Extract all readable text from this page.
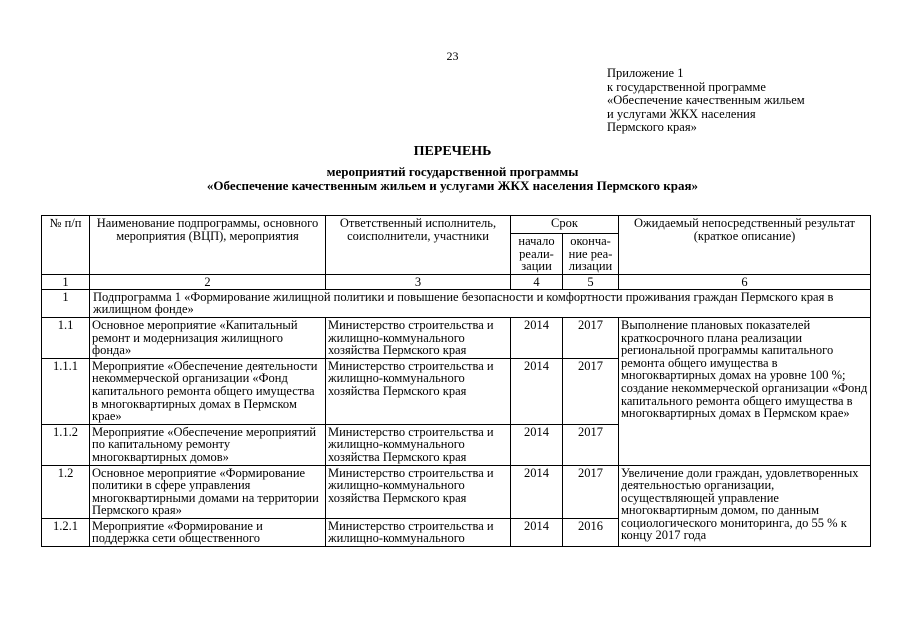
23
Приложение 1
к государственной программе
«Обеспечение качественным жильем
и услугами ЖКХ населения
Пермского края»
ПЕРЕЧЕНЬ
мероприятий государственной программы
«Обеспечение качественным жильем и услугами ЖКХ населения Пермского края»
№ п/п	Наименование подпрограммы, основного мероприятия (ВЦП), мероприятия	Ответственный исполнитель, соисполнители, участники	Срок		Ожидаемый непосредственный результат (краткое описание)
			начало реали-зации	оконча-ние реа-лизации	
1	2	3	4	5	6
1	Подпрограмма 1 «Формирование жилищной политики и повышение безопасности и комфортности проживания граждан Пермского края в жилищном фонде»				
1.1	Основное мероприятие «Капитальный ремонт и модернизация жилищного фонда»	Министерство строительства и жилищно-коммунального хозяйства Пермского края	2014	2017	Выполнение плановых показателей краткосрочного плана реализации региональной программы капитального ремонта общего имущества в многоквартирных домах на уровне 100 %; создание некоммерческой организации «Фонд капитального ремонта общего имущества в многоквартирных домах в Пермском крае»
1.1.1	Мероприятие «Обеспечение деятельности некоммерческой организации «Фонд капитального ремонта общего имущества в многоквартирных домах в Пермском крае»	Министерство строительства и жилищно-коммунального хозяйства Пермского края	2014	2017	
1.1.2	Мероприятие «Обеспечение мероприятий по капитальному ремонту многоквартирных домов»	Министерство строительства и жилищно-коммунального хозяйства Пермского края	2014	2017	
1.2	Основное мероприятие «Формирование политики в сфере управления многоквартирными домами на территории Пермского края»	Министерство строительства и жилищно-коммунального хозяйства Пермского края	2014	2017	Увеличение доли граждан, удовлетворенных деятельностью организации, осуществляющей управление многоквартирным домом, по данным социологического мониторинга, до 55 % к концу 2017 года
1.2.1	Мероприятие «Формирование и поддержка сети общественного	Министерство строительства и жилищно-коммунального	2014	2016	
